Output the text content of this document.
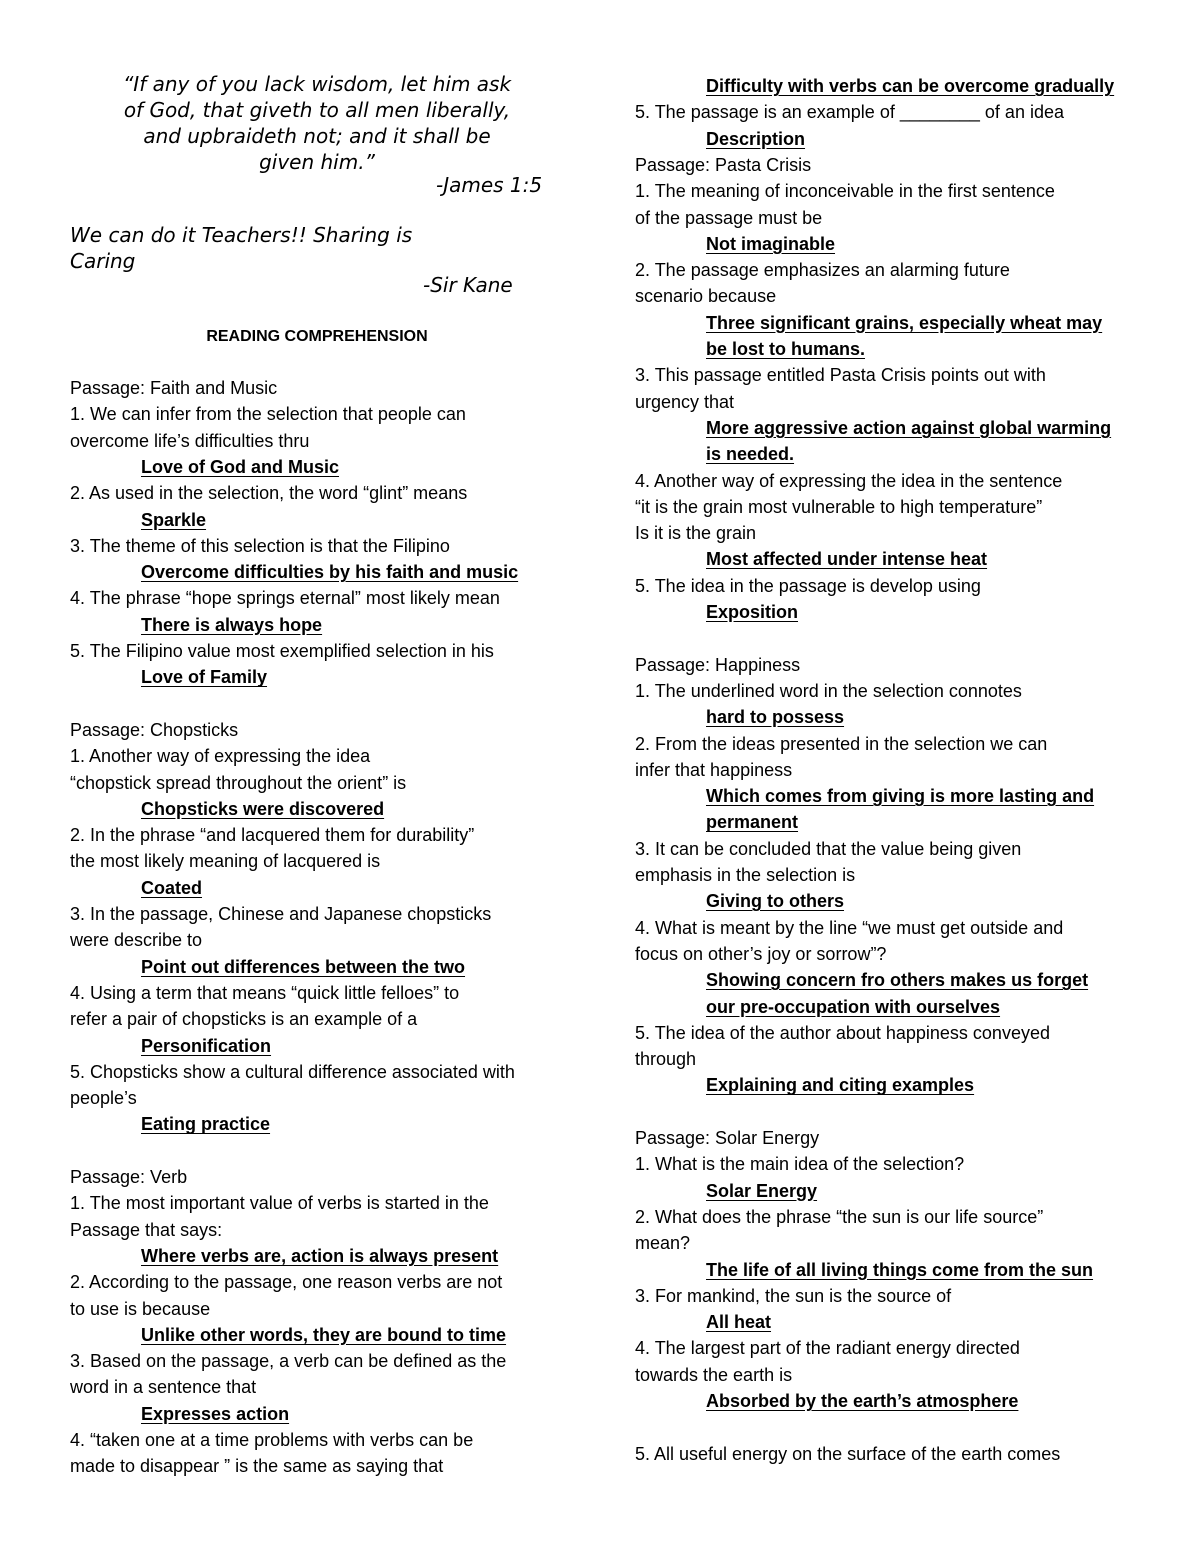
“If any of you lack wisdom, let him ask
of God, that giveth to all men liberally,
and upbraideth not; and it shall be
given him.”
-James 1:5
We can do it Teachers!! Sharing is
Caring
-Sir Kane
READING COMPREHENSION
Passage: Faith and Music
1. We can infer from the selection that people can
overcome life’s difficulties thru
Love of God and Music
2. As used in the selection, the word “glint” means
Sparkle
3. The theme of this selection is that the Filipino
Overcome difficulties by his faith and music
4. The phrase “hope springs eternal” most likely mean
There is always hope
5. The Filipino value most exemplified selection in his
Love of Family
Passage: Chopsticks
1. Another way of expressing the idea
“chopstick spread throughout the orient” is
Chopsticks were discovered
2. In the phrase “and lacquered them for durability”
the most likely meaning of lacquered is
Coated
3. In the passage, Chinese and Japanese chopsticks
were describe to
Point out differences between the two
4. Using a term that means “quick little felloes” to
refer a pair of chopsticks is an example of a
Personification
5. Chopsticks show a cultural difference associated with
people’s
Eating practice
Passage: Verb
1. The most important value of verbs is started in the
Passage that says:
Where verbs are, action is always present
2. According to the passage, one reason verbs are not
to use is because
Unlike other words, they are bound to time
3. Based on the passage, a verb can be defined as the
word in a sentence that
Expresses action
4. “taken one at a time problems with verbs can be
made to disappear ” is the same as saying that
Difficulty with verbs can be overcome gradually
5. The passage is an example of ________ of an idea
Description
Passage: Pasta Crisis
1. The meaning of inconceivable in the first sentence
of the passage must be
Not imaginable
2. The passage emphasizes an alarming future
scenario because
Three significant grains, especially wheat may
be lost to humans.
3. This passage entitled Pasta Crisis points out with
urgency that
More aggressive action against global warming
is needed.
4. Another way of expressing the idea in the sentence
“it is the grain most vulnerable to high temperature”
Is it is the grain
Most affected under intense heat
5. The idea in the passage is develop using
Exposition
Passage: Happiness
1. The underlined word in the selection connotes
hard to possess
2. From the ideas presented in the selection we can
infer that happiness
Which comes from giving is more lasting and
permanent
3. It can be concluded that the value being given
emphasis in the selection is
Giving to others
4. What is meant by the line “we must get outside and
focus on other’s joy or sorrow”?
Showing concern fro others makes us forget
our pre-occupation with ourselves
5. The idea of the author about happiness conveyed
through
Explaining and citing examples
Passage: Solar Energy
1. What is the main idea of the selection?
Solar Energy
2. What does the phrase “the sun is our life source”
mean?
The life of all living things come from the sun
3. For mankind, the sun is the source of
All heat
4. The largest part of the radiant energy directed
towards the earth is
Absorbed by the earth’s atmosphere
5. All useful energy on the surface of the earth comes
